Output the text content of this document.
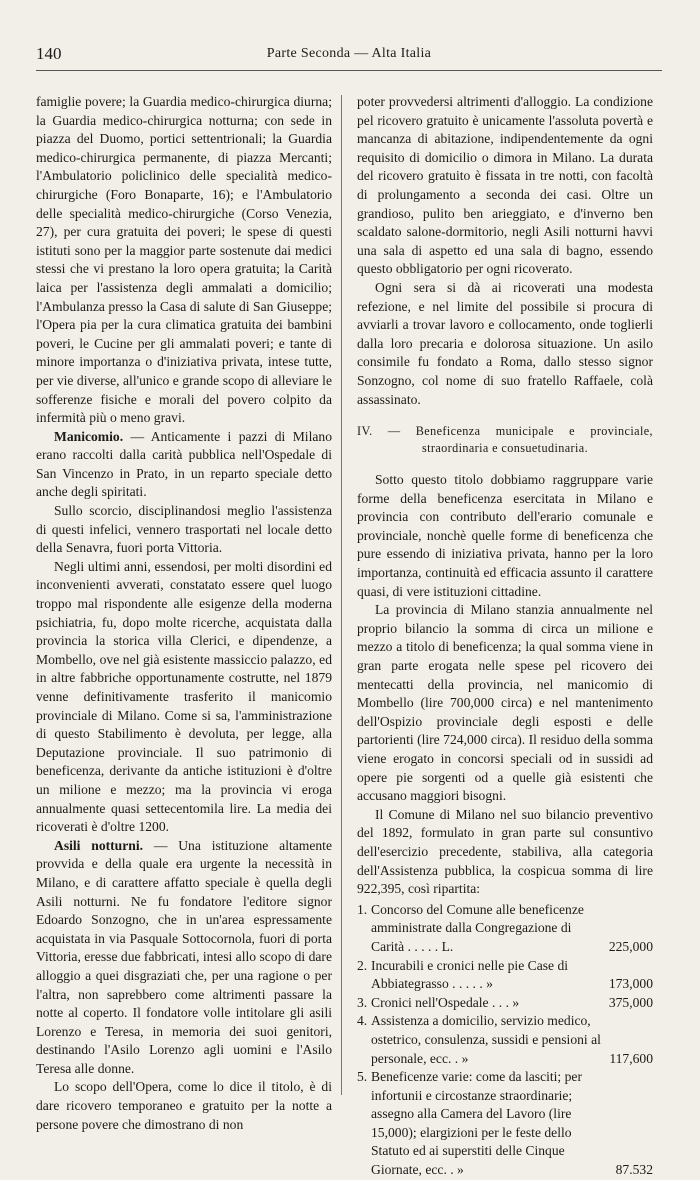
140	Parte Seconda — Alta Italia

famiglie povere; la Guardia medico-chirurgica diurna; la Guardia medico-chirurgica notturna; con sede in piazza del Duomo, portici settentrionali; la Guardia medico-chirurgica permanente, di piazza Mercanti; l'Ambulatorio policlinico delle specialità medico-chirurgiche (Foro Bonaparte, 16); e l'Ambulatorio delle specialità medico-chirurgiche (Corso Venezia, 27), per cura gratuita dei poveri; le spese di questi istituti sono per la maggior parte sostenute dai medici stessi che vi prestano la loro opera gratuita; la Carità laica per l'assistenza degli ammalati a domicilio; l'Ambulanza presso la Casa di salute di San Giuseppe; l'Opera pia per la cura climatica gratuita dei bambini poveri, le Cucine per gli ammalati poveri; e tante di minore importanza o d'iniziativa privata, intese tutte, per vie diverse, all'unico e grande scopo di alleviare le sofferenze fisiche e morali del povero colpito da infermità più o meno gravi.

Manicomio. — Anticamente i pazzi di Milano erano raccolti dalla carità pubblica nell'Ospedale di San Vincenzo in Prato, in un reparto speciale detto anche degli spiritati.

Sullo scorcio, disciplinandosi meglio l'assistenza di questi infelici, vennero trasportati nel locale detto della Senavra, fuori porta Vittoria.

Negli ultimi anni, essendosi, per molti disordini ed inconvenienti avverati, constatato essere quel luogo troppo mal rispondente alle esigenze della moderna psichiatria, fu, dopo molte ricerche, acquistata dalla provincia la storica villa Clerici, e dipendenze, a Mombello, ove nel già esistente massiccio palazzo, ed in altre fabbriche opportunamente costrutte, nel 1879 venne definitivamente trasferito il manicomio provinciale di Milano. Come si sa, l'amministrazione di questo Stabilimento è devoluta, per legge, alla Deputazione provinciale. Il suo patrimonio di beneficenza, derivante da antiche istituzioni è d'oltre un milione e mezzo; ma la provincia vi eroga annualmente quasi settecentomila lire. La media dei ricoverati è d'oltre 1200.

Asili notturni. — Una istituzione altamente provvida e della quale era urgente la necessità in Milano, e di carattere affatto speciale è quella degli Asili notturni. Ne fu fondatore l'editore signor Edoardo Sonzogno, che in un'area espressamente acquistata in via Pasquale Sottocornola, fuori di porta Vittoria, eresse due fabbricati, intesi allo scopo di dare alloggio a quei disgraziati che, per una ragione o per l'altra, non saprebbero come altrimenti passare la notte al coperto. Il fondatore volle intitolare gli asili Lorenzo e Teresa, in memoria dei suoi genitori, destinando l'Asilo Lorenzo agli uomini e l'Asilo Teresa alle donne.

Lo scopo dell'Opera, come lo dice il titolo, è di dare ricovero temporaneo e gratuito per la notte a persone povere che dimostrano di non

poter provvedersi altrimenti d'alloggio. La condizione pel ricovero gratuito è unicamente l'assoluta povertà e mancanza di abitazione, indipendentemente da ogni requisito di domicilio o dimora in Milano. La durata del ricovero gratuito è fissata in tre notti, con facoltà di prolungamento a seconda dei casi. Oltre un grandioso, pulito ben arieggiato, e d'inverno ben scaldato salone-dormitorio, negli Asili notturni havvi una sala di aspetto ed una sala di bagno, essendo questo obbligatorio per ogni ricoverato.

Ogni sera si dà ai ricoverati una modesta refezione, e nel limite del possibile si procura di avviarli a trovar lavoro e collocamento, onde toglierli dalla loro precaria e dolorosa situazione. Un asilo consimile fu fondato a Roma, dallo stesso signor Sonzogno, col nome di suo fratello Raffaele, colà assassinato.

IV. — Beneficenza municipale e provinciale,
straordinaria e consuetudinaria.

Sotto questo titolo dobbiamo raggruppare varie forme della beneficenza esercitata in Milano e provincia con contributo dell'erario comunale e provinciale, nonchè quelle forme di beneficenza che pure essendo di iniziativa privata, hanno per la loro importanza, continuità ed efficacia assunto il carattere quasi, di vere istituzioni cittadine.

La provincia di Milano stanzia annualmente nel proprio bilancio la somma di circa un milione e mezzo a titolo di beneficenza; la qual somma viene in gran parte erogata nelle spese pel ricovero dei mentecatti della provincia, nel manicomio di Mombello (lire 700,000 circa) e nel mantenimento dell'Ospizio provinciale degli esposti e delle partorienti (lire 724,000 circa). Il residuo della somma viene erogato in concorsi speciali od in sussidi ad opere pie sorgenti od a quelle già esistenti che accusano maggiori bisogni.

Il Comune di Milano nel suo bilancio preventivo del 1892, formulato in gran parte sul consuntivo dell'esercizio precedente, stabiliva, alla categoria dell'Assistenza pubblica, la cospicua somma di lire 922,395, così ripartita:

1. Concorso del Comune alle beneficenze amministrate dalla Congregazione di Carità . . . . . L.	225,000
2. Incurabili e cronici nelle pie Case di Abbiategrasso . . . . . »	173,000
3. Cronici nell'Ospedale . . . »	375,000
4. Assistenza a domicilio, servizio medico, ostetrico, consulenza, sussidi e pensioni al personale, ecc. . »	117,600
5. Beneficenze varie: come da lasciti; per infortunii e circostanze straordinarie; assegno alla Camera del Lavoro (lire 15,000); elargizioni per le feste dello Statuto ed ai superstiti delle Cinque Giornate, ecc. . »	87.532
